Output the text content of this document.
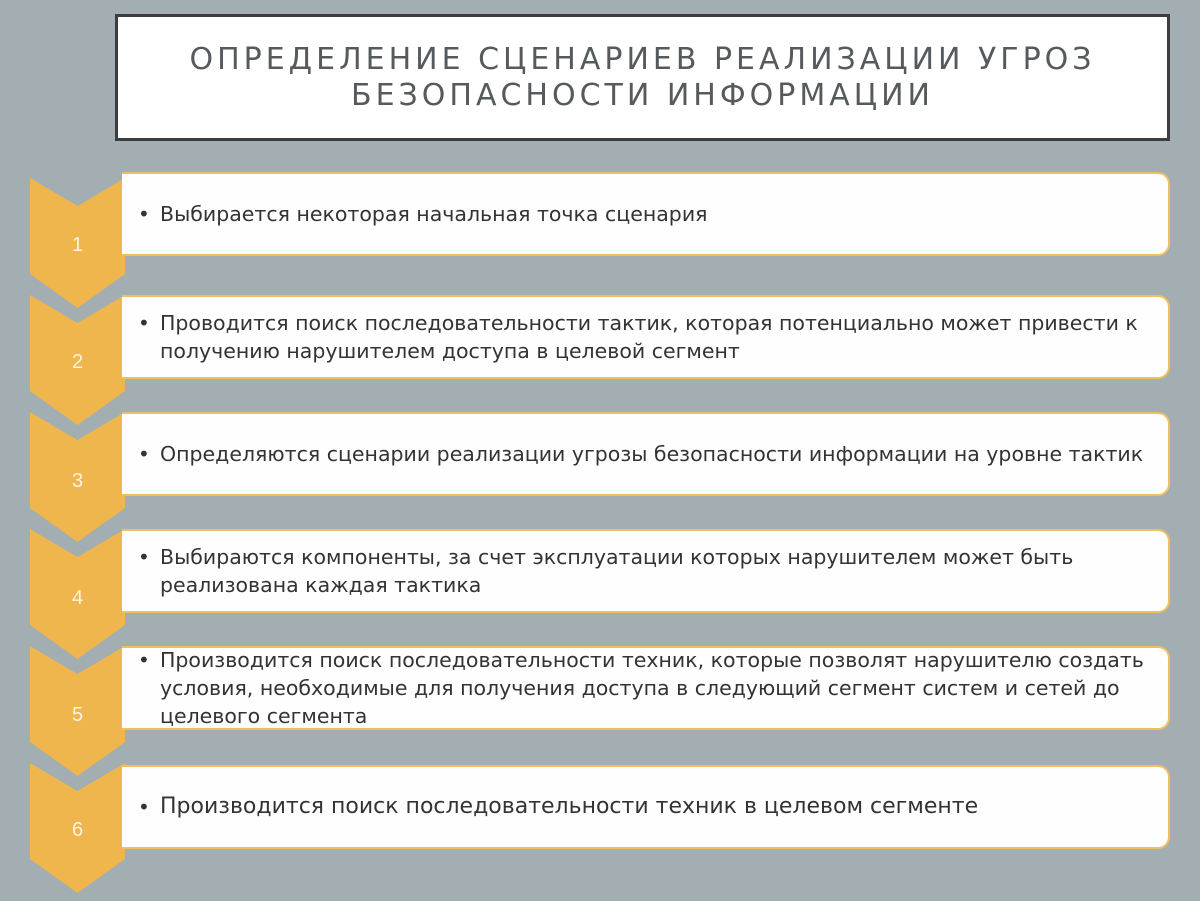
ОПРЕДЕЛЕНИЕ СЦЕНАРИЕВ РЕАЛИЗАЦИИ УГРОЗ
БЕЗОПАСНОСТИ ИНФОРМАЦИИ
1
• Выбирается некоторая начальная точка сценария
2
• Проводится поиск последовательности тактик, которая потенциально может привести к получению нарушителем доступа в целевой сегмент
3
• Определяются сценарии реализации угрозы безопасности информации на уровне тактик
4
• Выбираются компоненты, за счет эксплуатации которых нарушителем может быть реализована каждая тактика
5
• Производится поиск последовательности техник, которые позволят нарушителю создать условия, необходимые для получения доступа в следующий сегмент систем и сетей до целевого сегмента
6
• Производится поиск последовательности техник в целевом сегменте
